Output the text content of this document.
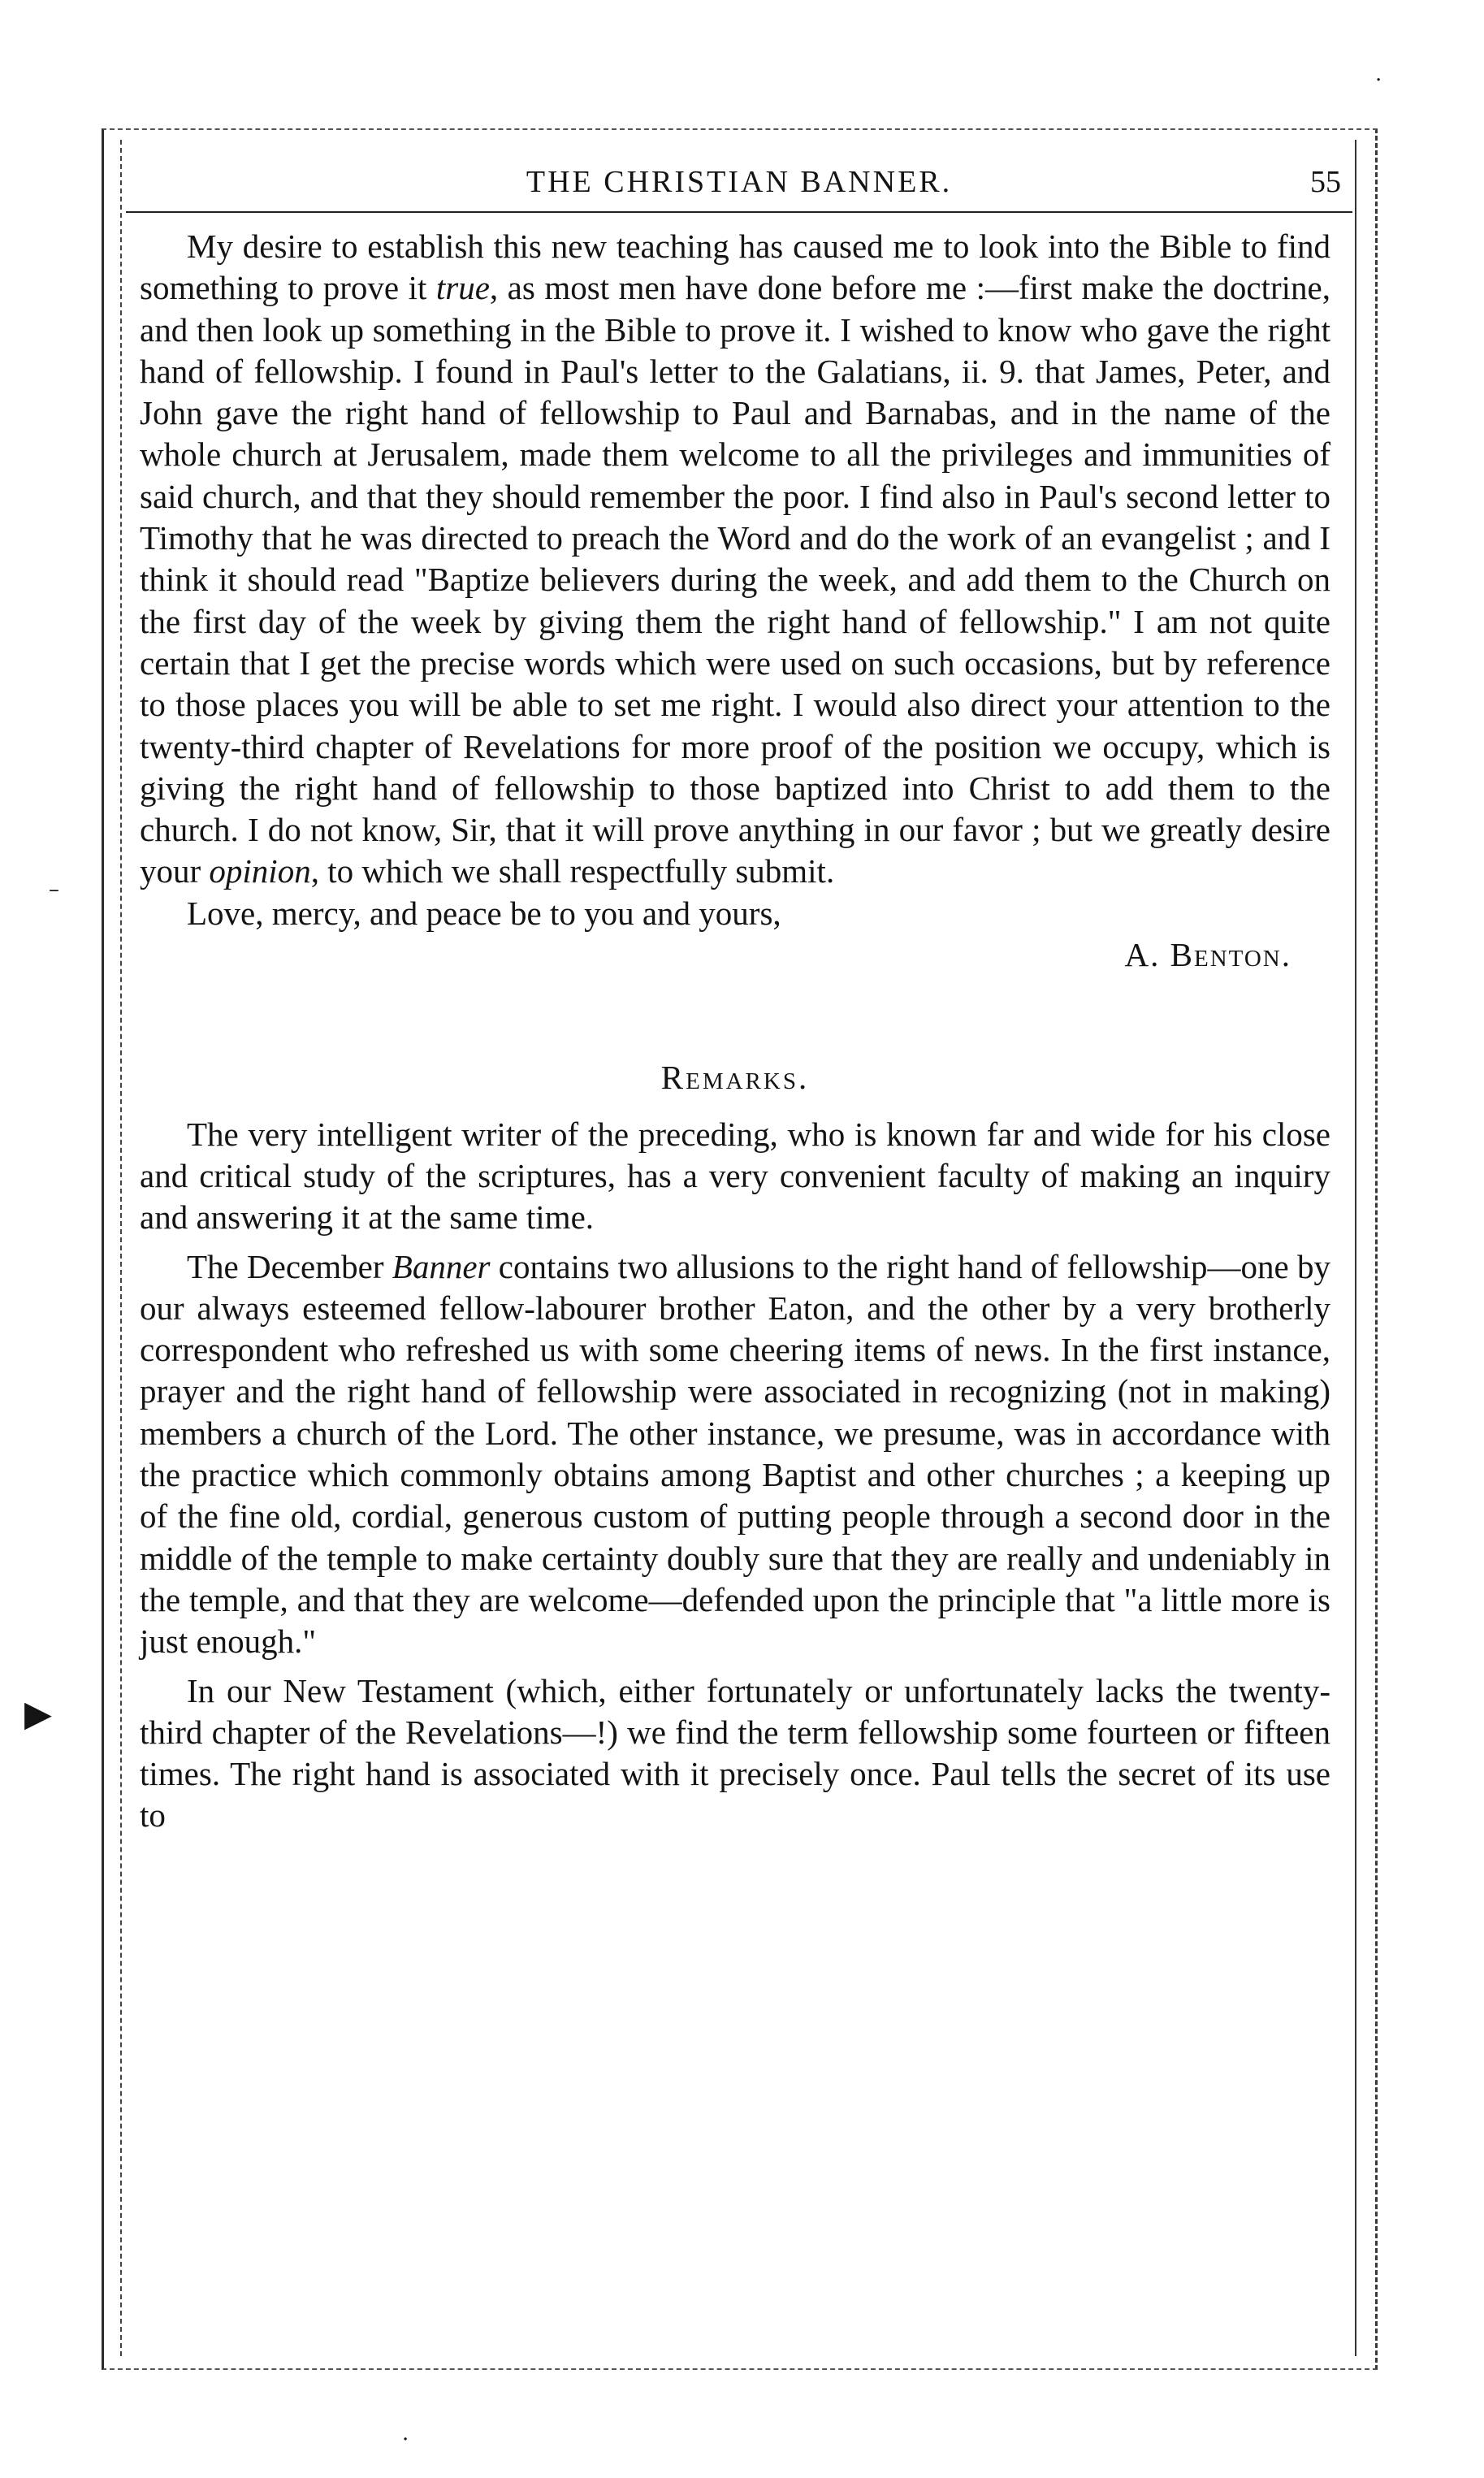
THE CHRISTIAN BANNER.	55

My desire to establish this new teaching has caused me to look into the Bible to find something to prove it true, as most men have done before me :—first make the doctrine, and then look up something in the Bible to prove it. I wished to know who gave the right hand of fellowship. I found in Paul's letter to the Galatians, ii. 9. that James, Peter, and John gave the right hand of fellowship to Paul and Barnabas, and in the name of the whole church at Jerusalem, made them welcome to all the privileges and immunities of said church, and that they should remember the poor. I find also in Paul's second letter to Timothy that he was directed to preach the Word and do the work of an evangelist ; and I think it should read "Baptize believers during the week, and add them to the Church on the first day of the week by giving them the right hand of fellowship." I am not quite certain that I get the precise words which were used on such occasions, but by reference to those places you will be able to set me right. I would also direct your attention to the twenty-third chapter of Revelations for more proof of the position we occupy, which is giving the right hand of fellowship to those baptized into Christ to add them to the church. I do not know, Sir, that it will prove anything in our favor ; but we greatly desire your opinion, to which we shall respectfully submit.

Love, mercy, and peace be to you and yours,

A. Benton.

Remarks.

The very intelligent writer of the preceding, who is known far and wide for his close and critical study of the scriptures, has a very convenient faculty of making an inquiry and answering it at the same time.

The December Banner contains two allusions to the right hand of fellowship—one by our always esteemed fellow-labourer brother Eaton, and the other by a very brotherly correspondent who refreshed us with some cheering items of news. In the first instance, prayer and the right hand of fellowship were associated in recognizing (not in making) members a church of the Lord. The other instance, we presume, was in accordance with the practice which commonly obtains among Baptist and other churches ; a keeping up of the fine old, cordial, generous custom of putting people through a second door in the middle of the temple to make certainty doubly sure that they are really and undeniably in the temple, and that they are welcome—defended upon the principle that "a little more is just enough."

In our New Testament (which, either fortunately or unfortunately lacks the twenty-third chapter of the Revelations—!) we find the term fellowship some fourteen or fifteen times. The right hand is associated with it precisely once. Paul tells the secret of its use to

▶
·
–
·
